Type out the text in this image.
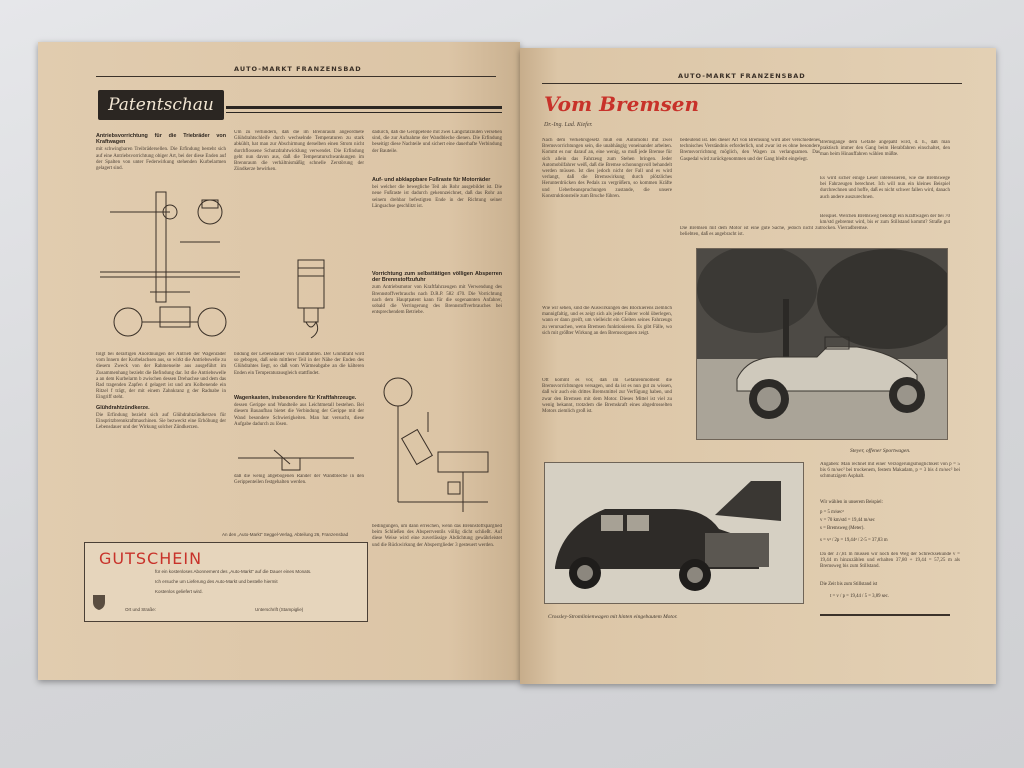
AUTO-MARKT FRANZENSBAD
Patentschau
Antriebsvorrichtung für die Triebräder von Kraftwagen
mit schwingbaren Treibrädersellen. Die Erfindung besteht sich auf eine Antriebsvorrichtung obiger Art, bei der diese Enden auf der Spalten von unter Federwirkung stehenden Kurbelarmen gelagert sind.
folgt bei derartigen Anordnungen der Antrieb der Wagenräder vom Innern der Kurbelachsen aus, so wirkt die Antriebswelle zu diesem Zweck von der Rahmenseite aus ausgeführt im Zusammenhang bezieht die Befindung dar. Ist die Antriebswelle a an dem Kurbelarm b zwischen dessen Drehachse und dem das Rad tragenden Zapfen d gelagert ist und am Kolbenende ein Ritzel f trägt, der mit einem Zahnkranz g der Radnabe in Eingriff steht.
Glühdrahtzündkerze.
Die Erfindung bezieht sich auf Glühdrahtzündkerzen für Einspritzbrennkraftmaschinen. Sie bezweckt eine Erhöhung der Lebensdauer und der Wirkung solcher Zündkerzen.
Um zu verhindern, daß die im Brennraum angeordnete Glühdrahtschleife durch wechselnde Temperaturen zu stark abkühlt, hat man zur Abschirmung derselben einen Strom nicht durchflossene Schutzdrahtwicklung verwendet. Die Erfindung geht nun davon aus, daß die Temperaturschwankungen im Brennraum die verhältnismäßig schnelle Zerstörung der Zündkerze bewirken.
bildung der Lebensdauer von Glühdrähten. Der Glühdraht wird so gebogen, daß sein mittlerer Teil in der Nähe der Enden des Glühdrahtes liegt, so daß vom Wärmeabgabe an die kälteren Enden ein Temperaturausgleich stattfindet.
Wagenkasten, insbesondere für Kraftfahrzeuge.
dessen Gerippe und Wandteile aus Leichtmetall bestehen. Bei diesem Bauaufbau bietet die Verbindung der Gerippe mit der Wand besondere Schwierigkeiten. Man hat versucht, diese Aufgabe dadurch zu lösen.
daß die wenig abgebogenen Ränder der Wandbleche in den Gerippenteilen festgehalten werden.
dadurch, daß die Gerippeteile mit zwei Längsfalznuten versehen sind, die zur Aufnahme der Wandbleche dienen. Die Erfindung beseitigt diese Nachteile und sichert eine dauerhafte Verbindung der Bauteile.
Auf- und abklappbare Fußraste für Motorräder
bei welcher die bewegliche Teil als Rohr ausgebildet ist. Die neue Fußraste ist dadurch gekennzeichnet, daß das Rohr an seinem drehbar befestigten Ende in der Richtung seiner Längsachse geschlitzt ist.
Vorrichtung zum selbsttätigen völligen Absperren der Brennstoffzufuhr
zum Antriebsmotor von Kraftfahrzeugen mit Verwendung des Brennstoffverbrauchs nach D.R.P. 582 470. Die Vorrichtung nach dem Hauptpatent kann für die sogenannten Anfahrer, sobald die Verringerung des Brennstoffverbrauches bei entsprechendem Betriebe.
bedingungen, um dann erreichen, wenn das Brennstoffsparglied beim Schließen des Absperrventils völlig dicht schließt. Auf diese Weise wird eine zuverlässige Abdichtung gewährleistet und die Rückwirkung der Absperrglieder 3 gesteuert werden.
An den „Auto-Markt“ Seggel-Verlag, Abteilung 26, Franzensbad
GUTSCHEIN
für ein kostenloses Abonnement des „Auto-Markt“ auf die Dauer eines Monats.
Ich ersuche um Lieferung des Auto-Markt und bestelle hiermit
Kostenlos geliefert wird.
Ort und Straße:	Unterschrift (Stampiglie)
AUTO-MARKT FRANZENSBAD
Vom Bremsen
Dr.-Ing. Lad. Kiefer.
Nach dem Verkehrsgesetz muß ein Automobil mit zwei Bremsvorrichtungen sein, die unabhängig voneinander arbeiten. Kommt es nur darauf an, eine wenig, so muß jede Bremse für sich allein das Fahrzeug zum Stehen bringen. Jeder Automobilfahrer weiß, daß die Bremse schonungsvoll behandelt werden müssen. Ist dies jedoch nicht der Fall und es wird verlangt, daß die Bremswirkung durch plötzliches Herunterdrücken des Pedals zu vergrößern, so kommen Kräfte und Ueberbeanspruchungen zustande, die unsere Konstruktionsteile zum Bruche führen.
Wie wir sehen, sind die Auswirkungen des Blockierens ziemlich mannigfaltig, und es zeigt sich als jeder Fahrer wohl überlegen, wann er dann greift, um vielleicht ein Gleiten seines Fahrzeugs zu verursachen, wenn Bremsen funktionieren. Es gibt Fälle, wo sich mit größter Wirkung an den Bremsorganen zeigt.
Oft kommt es vor, daß im Gefahrenmoment die Bremsvorrichtungen versagen, und da ist es nun gut zu wissen, daß wir auch ein drittes Bremsmittel zur Verfügung haben, und zwar den Bremsen mit dem Motor. Dieses Mittel ist viel zu wenig bekannt, trotzdem die Bremskraft eines abgedrosselten Motors ziemlich groß ist.
bedeutend ist. Bei dieser Art von Bremsung wird aber verschiedenes technisches Verständnis erforderlich, und zwar ist es ohne besondere Bremsvorrichtung möglich, den Wagen zu verlangsamen. Das Gaspedal wird zurückgenommen und der Gang bleibt eingelegt.
Die Bremsen mit dem Motor ist eine gute Sache, jedoch nicht zu beliebten, daß es angebracht ist.
Bremsgänge dem Gefälle angepaßt wird, d. h., daß man praktisch immer den Gang beim Herabfahren einschaltet, den man beim Hinauffahren wählen müßte.
Es wird sicher einige Leser interessieren, wie die Bremswege bei Fahrzeugen berechnet. Ich will nun ein kleines Beispiel durchrechnen und hoffe, daß es nicht schwer fallen wird, danach auch andere auszurechnen.
Beispiel. Welchen Bremsweg benötigt ein Kraftwagen der bei 70 km/std gebremst wird, bis er zum Stillstand kommt? Straße gut trocken. Vierradbremse.
Steyer, offener Sportwagen.
Crossley-Stromlinienwagen mit hinten eingebautem Motor.
Angaben: Man rechnet mit einer Verzögerungsmöglichkeit von p = 5 bis 6 m/sec² bei trockenem, festem Makadam, p = 3 bis 4 m/sec² bei schmutzigem Asphalt.
Wir wählen in unserem Beispiel:
p = 5 m/sec²
v = 70 km/std = 19,44 m/sec
s = Bremsweg (Meter).
s = v² / 2p = 19,44² / 2·5 = 37,83 m
Da der 37,81 m müssen wir noch den Weg der Schrecksekunde v = 19,44 m hinzuzählen und erhalten 37,80 + 19,44 = 57,25 m als Bremsweg bis zum Stillstand.
Die Zeit bis zum Stillstand ist
t = v / p = 19,44 / 5 = 3,89 sec.
